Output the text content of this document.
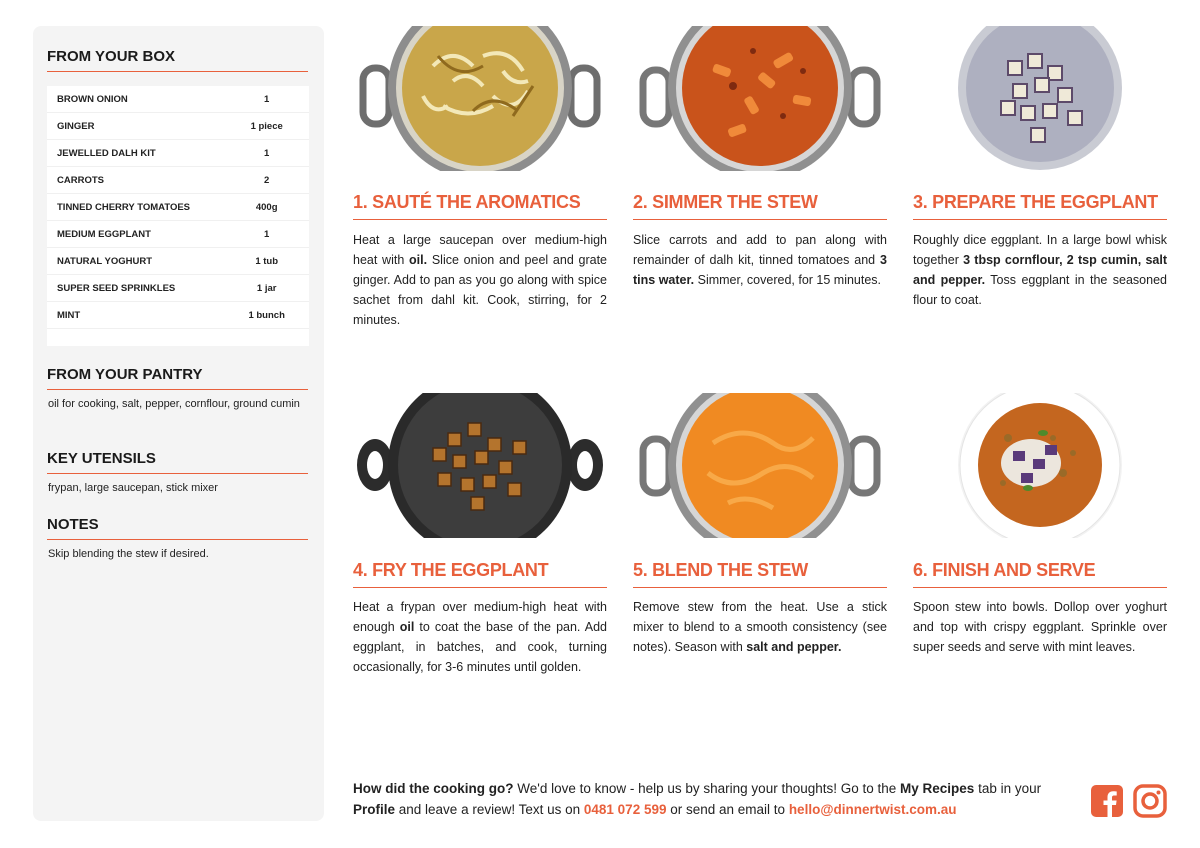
FROM YOUR BOX
BROWN ONION	1
GINGER	1 piece
JEWELLED DALH KIT	1
CARROTS	2
TINNED CHERRY TOMATOES	400g
MEDIUM EGGPLANT	1
NATURAL YOGHURT	1 tub
SUPER SEED SPRINKLES	1 jar
MINT	1 bunch
FROM YOUR PANTRY
oil for cooking, salt, pepper, cornflour, ground cumin
KEY UTENSILS
frypan, large saucepan, stick mixer
NOTES
Skip blending the stew if desired.
1. SAUTÉ THE AROMATICS
Heat a large saucepan over medium-high heat with oil. Slice onion and peel and grate ginger. Add to pan as you go along with spice sachet from dahl kit. Cook, stirring, for 2 minutes.
2. SIMMER THE STEW
Slice carrots and add to pan along with remainder of dalh kit, tinned tomatoes and 3 tins water. Simmer, covered, for 15 minutes.
3. PREPARE THE EGGPLANT
Roughly dice eggplant. In a large bowl whisk together 3 tbsp cornflour, 2 tsp cumin, salt and pepper. Toss eggplant in the seasoned flour to coat.
4. FRY THE EGGPLANT
Heat a frypan over medium-high heat with enough oil to coat the base of the pan. Add eggplant, in batches, and cook, turning occasionally, for 3-6 minutes until golden.
5. BLEND THE STEW
Remove stew from the heat. Use a stick mixer to blend to a smooth consistency (see notes). Season with salt and pepper.
6. FINISH AND SERVE
Spoon stew into bowls. Dollop over yoghurt and top with crispy eggplant. Sprinkle over super seeds and serve with mint leaves.
How did the cooking go? We'd love to know - help us by sharing your thoughts! Go to the My Recipes tab in your Profile and leave a review! Text us on 0481 072 599 or send an email to hello@dinnertwist.com.au
